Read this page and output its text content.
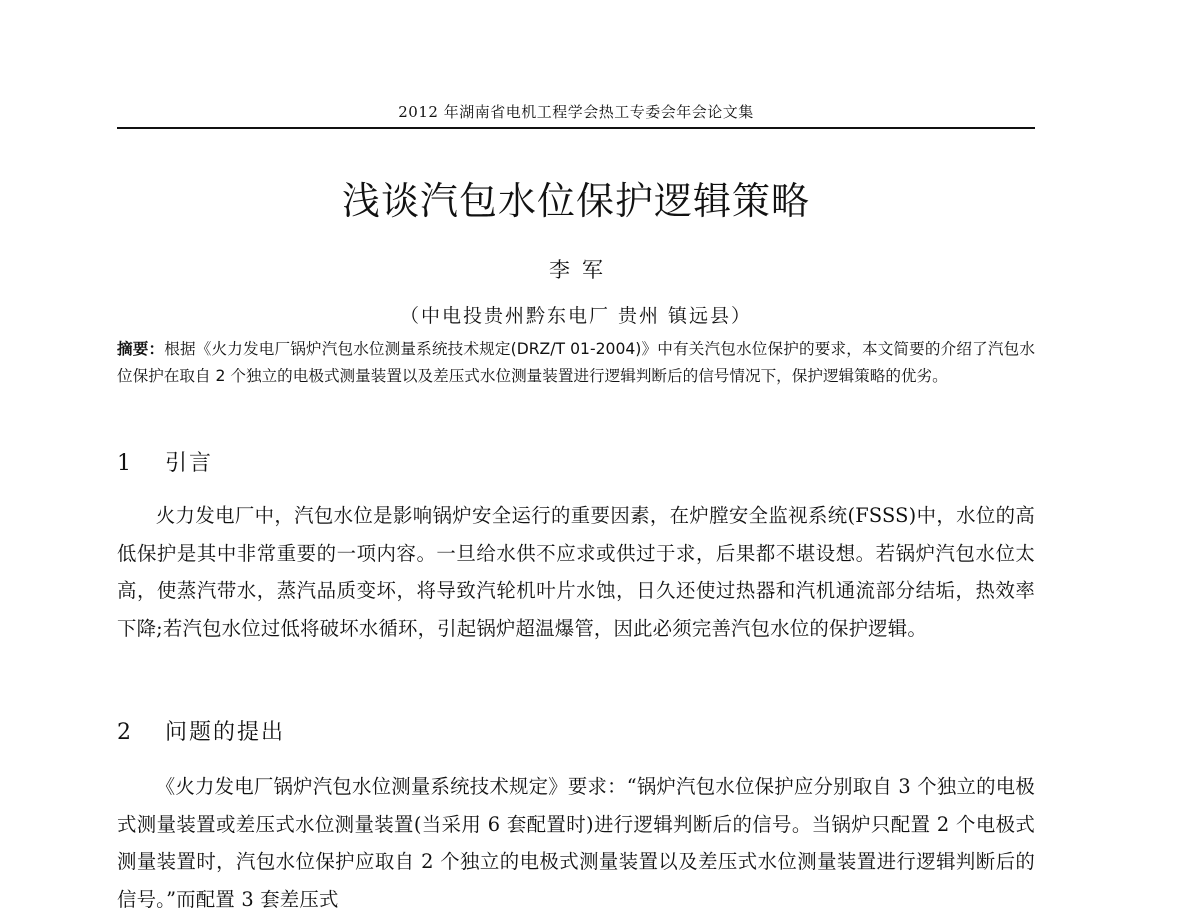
2012 年湖南省电机工程学会热工专委会年会论文集
浅谈汽包水位保护逻辑策略
李军
（中电投贵州黔东电厂 贵州 镇远县）
摘要：根据《火力发电厂锅炉汽包水位测量系统技术规定(DRZ/T 01-2004)》中有关汽包水位保护的要求，本文简要的介绍了汽包水位保护在取自 2 个独立的电极式测量装置以及差压式水位测量装置进行逻辑判断后的信号情况下，保护逻辑策略的优劣。
1 引言

火力发电厂中，汽包水位是影响锅炉安全运行的重要因素，在炉膛安全监视系统(FSSS)中，水位的高低保护是其中非常重要的一项内容。一旦给水供不应求或供过于求，后果都不堪设想。若锅炉汽包水位太高，使蒸汽带水，蒸汽品质变坏，将导致汽轮机叶片水蚀，日久还使过热器和汽机通流部分结垢，热效率下降;若汽包水位过低将破坏水循环，引起锅炉超温爆管，因此必须完善汽包水位的保护逻辑。

2 问题的提出

《火力发电厂锅炉汽包水位测量系统技术规定》要求：“锅炉汽包水位保护应分别取自 3 个独立的电极式测量装置或差压式水位测量装置(当采用 6 套配置时)进行逻辑判断后的信号。当锅炉只配置 2 个电极式测量装置时，汽包水位保护应取自 2 个独立的电极式测量装置以及差压式水位测量装置进行逻辑判断后的信号。”而配置 3 套差压式
